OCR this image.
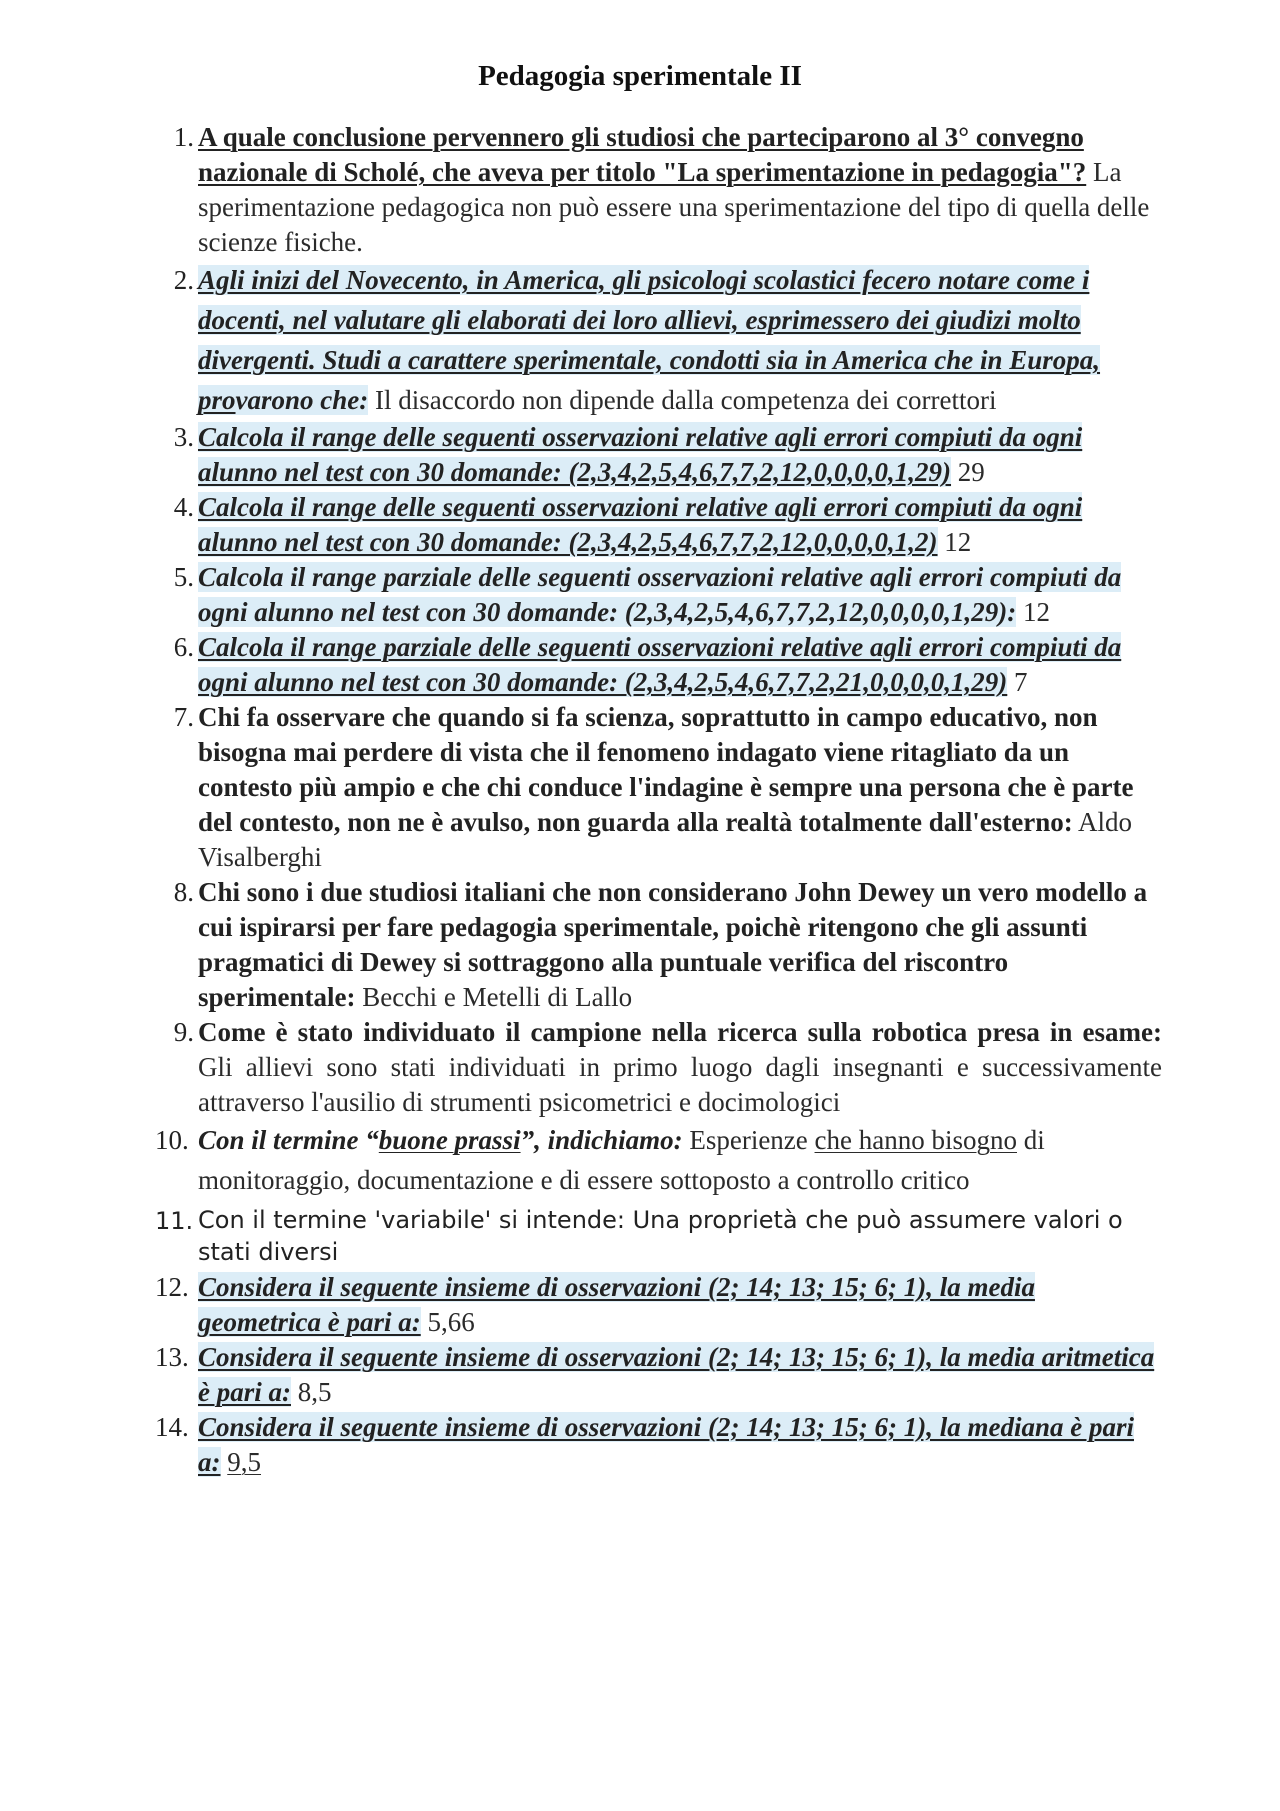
Pedagogia sperimentale II
1. A quale conclusione pervennero gli studiosi che parteciparono al 3° convegno nazionale di Scholé, che aveva per titolo "La sperimentazione in pedagogia"? La sperimentazione pedagogica non può essere una sperimentazione del tipo di quella delle scienze fisiche.

2. Agli inizi del Novecento, in America, gli psicologi scolastici fecero notare come i docenti, nel valutare gli elaborati dei loro allievi, esprimessero dei giudizi molto divergenti. Studi a carattere sperimentale, condotti sia in America che in Europa, provarono che: Il disaccordo non dipende dalla competenza dei correttori

3. Calcola il range delle seguenti osservazioni relative agli errori compiuti da ogni alunno nel test con 30 domande: (2,3,4,2,5,4,6,7,7,2,12,0,0,0,0,1,29) 29

4. Calcola il range delle seguenti osservazioni relative agli errori compiuti da ogni alunno nel test con 30 domande: (2,3,4,2,5,4,6,7,7,2,12,0,0,0,0,1,2) 12

5. Calcola il range parziale delle seguenti osservazioni relative agli errori compiuti da ogni alunno nel test con 30 domande: (2,3,4,2,5,4,6,7,7,2,12,0,0,0,0,1,29): 12

6. Calcola il range parziale delle seguenti osservazioni relative agli errori compiuti da ogni alunno nel test con 30 domande: (2,3,4,2,5,4,6,7,7,2,21,0,0,0,0,1,29) 7

7. Chi fa osservare che quando si fa scienza, soprattutto in campo educativo, non bisogna mai perdere di vista che il fenomeno indagato viene ritagliato da un contesto più ampio e che chi conduce l'indagine è sempre una persona che è parte del contesto, non ne è avulso, non guarda alla realtà totalmente dall'esterno: Aldo Visalberghi

8. Chi sono i due studiosi italiani che non considerano John Dewey un vero modello a cui ispirarsi per fare pedagogia sperimentale, poichè ritengono che gli assunti pragmatici di Dewey si sottraggono alla puntuale verifica del riscontro sperimentale: Becchi e Metelli di Lallo

9. Come è stato individuato il campione nella ricerca sulla robotica presa in esame: Gli allievi sono stati individuati in primo luogo dagli insegnanti e successivamente attraverso l'ausilio di strumenti psicometrici e docimologici

10. Con il termine “buone prassi”, indichiamo: Esperienze che hanno bisogno di monitoraggio, documentazione e di essere sottoposto a controllo critico

11. Con il termine 'variabile' si intende: Una proprietà che può assumere valori o stati diversi

12. Considera il seguente insieme di osservazioni (2; 14; 13; 15; 6; 1), la media geometrica è pari a: 5,66

13. Considera il seguente insieme di osservazioni (2; 14; 13; 15; 6; 1), la media aritmetica è pari a: 8,5

14. Considera il seguente insieme di osservazioni (2; 14; 13; 15; 6; 1), la mediana è pari a: 9,5
